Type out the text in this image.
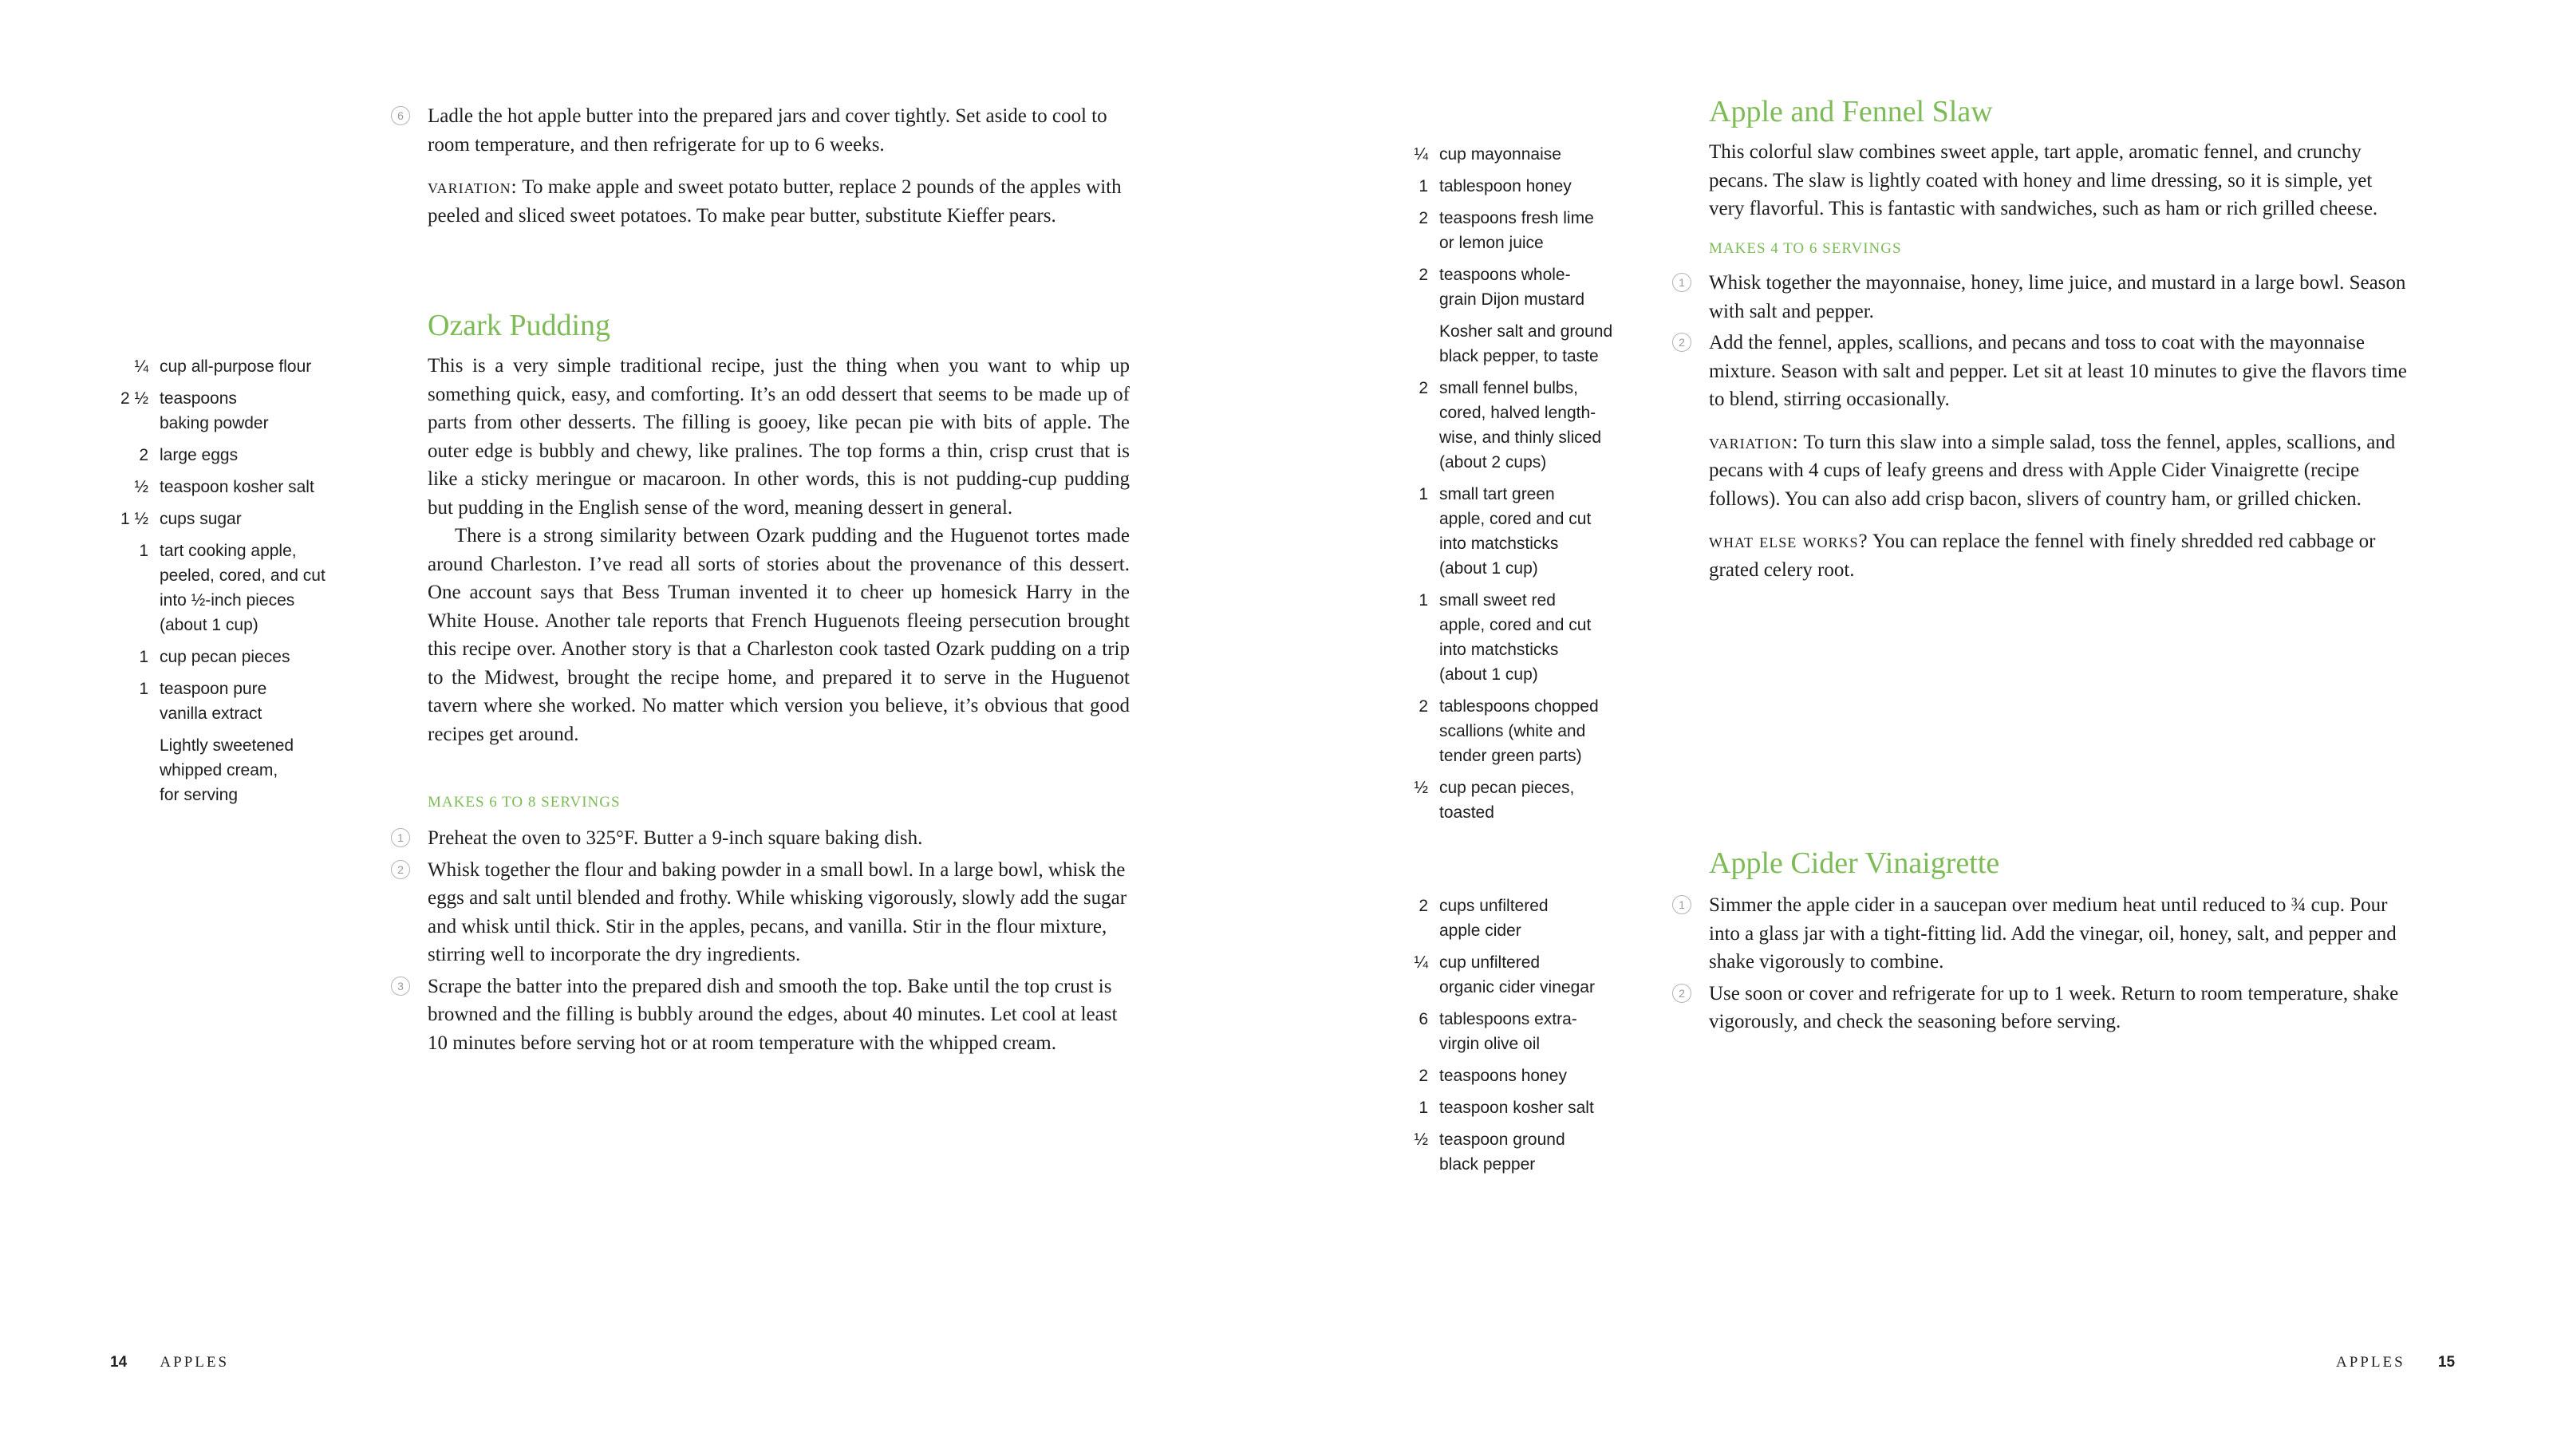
6	Ladle the hot apple butter into the prepared jars and cover tightly. Set aside to cool to room temperature, and then refrigerate for up to 6 weeks.

variation: To make apple and sweet potato butter, replace 2 pounds of the apples with peeled and sliced sweet potatoes. To make pear butter, substitute Kieffer pears.

Ozark Pudding
¼ cup all-purpose flour
2 ½ teaspoons
baking powder
2 large eggs
½ teaspoon kosher salt
1 ½ cups sugar
1 tart cooking apple,
peeled, cored, and cut
into ½-inch pieces
(about 1 cup)
1 cup pecan pieces
1 teaspoon pure
vanilla extract
Lightly sweetened
whipped cream,
for serving

This is a very simple traditional recipe, just the thing when you want to whip up something quick, easy, and comforting. It’s an odd dessert that seems to be made up of parts from other desserts. The filling is gooey, like pecan pie with bits of apple. The outer edge is bubbly and chewy, like pralines. The top forms a thin, crisp crust that is like a sticky meringue or macaroon. In other words, this is not pudding-cup pudding but pudding in the English sense of the word, meaning dessert in general.

There is a strong similarity between Ozark pudding and the Huguenot tortes made around Charleston. I’ve read all sorts of stories about the provenance of this dessert. One account says that Bess Truman invented it to cheer up homesick Harry in the White House. Another tale reports that French Huguenots fleeing persecution brought this recipe over. Another story is that a Charleston cook tasted Ozark pudding on a trip to the Midwest, brought the recipe home, and prepared it to serve in the Huguenot tavern where she worked. No matter which version you believe, it’s obvious that good recipes get around.

MAKES 6 TO 8 SERVINGS
1	Preheat the oven to 325°F. Butter a 9-inch square baking dish.

2	Whisk together the flour and baking powder in a small bowl. In a large bowl, whisk the eggs and salt until blended and frothy. While whisking vigorously, slowly add the sugar and whisk until thick. Stir in the apples, pecans, and vanilla. Stir in the flour mixture, stirring well to incorporate the dry ingredients.

3	Scrape the batter into the prepared dish and smooth the top. Bake until the top crust is browned and the filling is bubbly around the edges, about 40 minutes. Let cool at least 10 minutes before serving hot or at room temperature with the whipped cream.

14 APPLES
¼ cup mayonnaise
1 tablespoon honey
2 teaspoons fresh lime
or lemon juice
2 teaspoons whole-
grain Dijon mustard
Kosher salt and ground
black pepper, to taste
2 small fennel bulbs,
cored, halved length-
wise, and thinly sliced
(about 2 cups)
1 small tart green
apple, cored and cut
into matchsticks
(about 1 cup)
1 small sweet red
apple, cored and cut
into matchsticks
(about 1 cup)
2 tablespoons chopped
scallions (white and
tender green parts)
½ cup pecan pieces,
toasted
Apple and Fennel Slaw

This colorful slaw combines sweet apple, tart apple, aromatic fennel, and crunchy pecans. The slaw is lightly coated with honey and lime dressing, so it is simple, yet very flavorful. This is fantastic with sandwiches, such as ham or rich grilled cheese.

MAKES 4 TO 6 SERVINGS
1	Whisk together the mayonnaise, honey, lime juice, and mustard in a large bowl. Season with salt and pepper.

2	Add the fennel, apples, scallions, and pecans and toss to coat with the mayonnaise mixture. Season with salt and pepper. Let sit at least 10 minutes to give the flavors time to blend, stirring occasionally.

variation: To turn this slaw into a simple salad, toss the fennel, apples, scallions, and pecans with 4 cups of leafy greens and dress with Apple Cider Vinaigrette (recipe follows). You can also add crisp bacon, slivers of country ham, or grilled chicken.

what else works? You can replace the fennel with finely shredded red cabbage or grated celery root.

Apple Cider Vinaigrette
2 cups unfiltered
apple cider
¼ cup unfiltered
organic cider vinegar
6 tablespoons extra-
virgin olive oil
2 teaspoons honey
1 teaspoon kosher salt
½ teaspoon ground
black pepper
1	Simmer the apple cider in a saucepan over medium heat until reduced to ¾ cup. Pour into a glass jar with a tight-fitting lid. Add the vinegar, oil, honey, salt, and pepper and shake vigorously to combine.

2	Use soon or cover and refrigerate for up to 1 week. Return to room temperature, shake vigorously, and check the seasoning before serving.

APPLES 15
